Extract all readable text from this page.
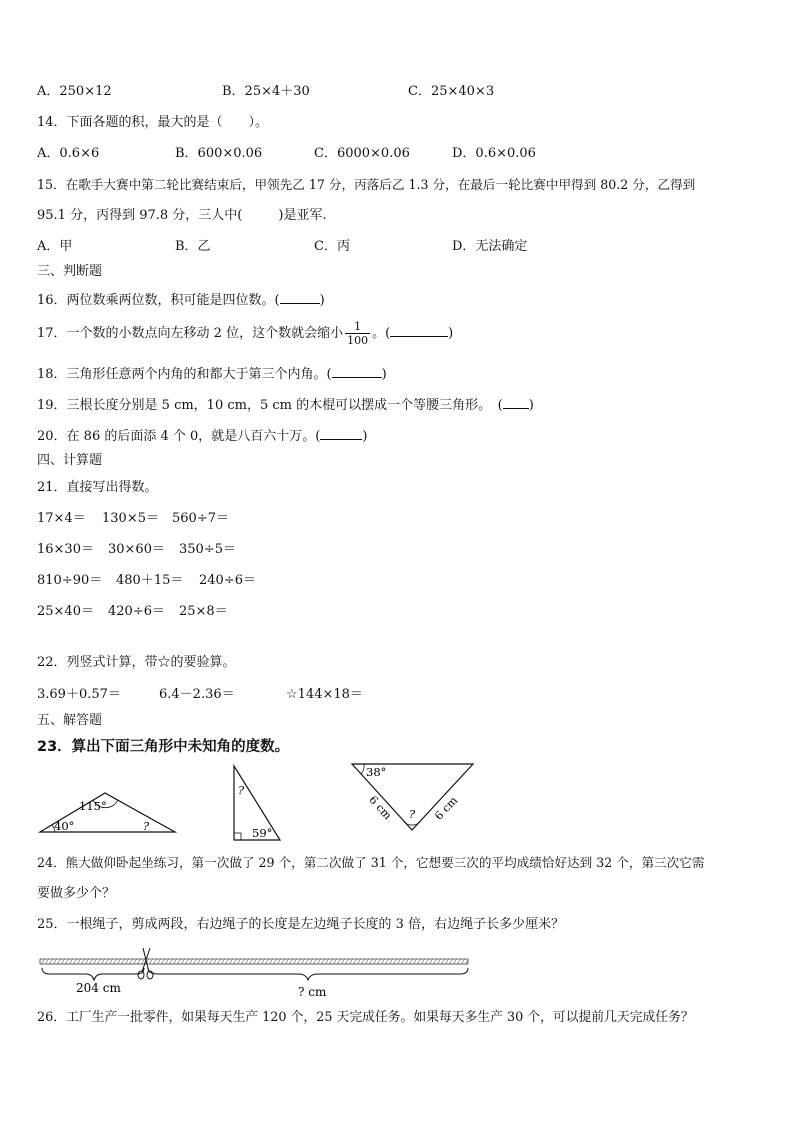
A．250×12	B．25×4＋30	C．25×40×3
14．下面各题的积，最大的是（　　）。
A．0.6×6	B．600×0.06	C．6000×0.06	D．0.6×0.06
15．在歌手大赛中第二轮比赛结束后，甲领先乙 17 分，丙落后乙 1.3 分，在最后一轮比赛中甲得到 80.2 分，乙得到
95.1 分，丙得到 97.8 分，三人中(	)是亚军.
A．甲	B．乙	C．丙	D．无法确定
三、判断题
16．两位数乘两位数，积可能是四位数。(	)
17．一个数的小数点向左移动 2 位，这个数就会缩小 $\frac{1}{100}$ 。(	)
18．三角形任意两个内角的和都大于第三个内角。(	)
19．三根长度分别是 5 cm，10 cm，5 cm 的木棍可以摆成一个等腰三角形。　( )
20．在 86 的后面添 4 个 0，就是八百六十万。(	)
四、计算题
21．直接写出得数。
17×4＝ 130×5＝ 560÷7＝
16×30＝ 30×60＝ 350÷5＝
810÷90＝ 480＋15＝ 240÷6＝
25×40＝ 420÷6＝ 25×8＝
22．列竖式计算，带☆的要验算。
3.69＋0.57＝	6.4－2.36＝	☆144×18＝
五、解答题
23．算出下面三角形中未知角的度数。
115°
40°	?
?
59°
38°
?
6 cm	6 cm
24．熊大做仰卧起坐练习，第一次做了 29 个，第二次做了 31 个，它想要三次的平均成绩恰好达到 32 个，第三次它需
要做多少个？
25．一根绳子，剪成两段，右边绳子的长度是左边绳子长度的 3 倍，右边绳子长多少厘米？
204 cm	? cm
26．工厂生产一批零件，如果每天生产 120 个，25 天完成任务。如果每天多生产 30 个，可以提前几天完成任务？
